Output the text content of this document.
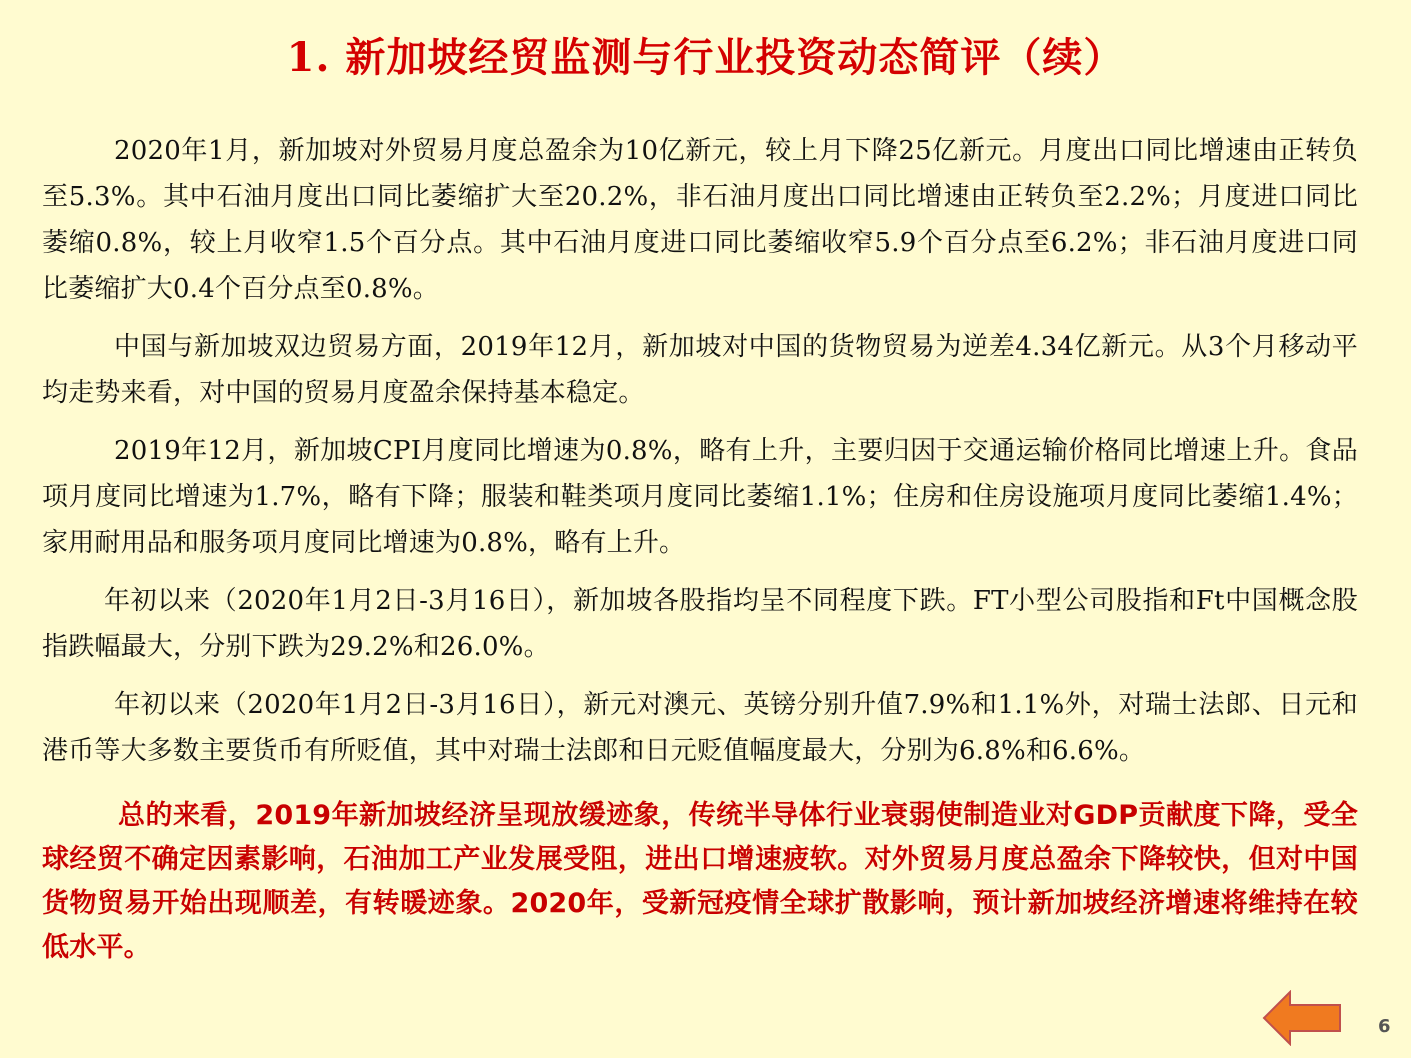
1. 新加坡经贸监测与行业投资动态简评（续）

2020年1月，新加坡对外贸易月度总盈余为10亿新元，较上月下降25亿新元。月度出口同比增速由正转负至5.3%。其中石油月度出口同比萎缩扩大至20.2%，非石油月度出口同比增速由正转负至2.2%；月度进口同比萎缩0.8%，较上月收窄1.5个百分点。其中石油月度进口同比萎缩收窄5.9个百分点至6.2%；非石油月度进口同比萎缩扩大0.4个百分点至0.8%。

中国与新加坡双边贸易方面，2019年12月，新加坡对中国的货物贸易为逆差4.34亿新元。从3个月移动平均走势来看，对中国的贸易月度盈余保持基本稳定。

2019年12月，新加坡CPI月度同比增速为0.8%，略有上升，主要归因于交通运输价格同比增速上升。食品项月度同比增速为1.7%，略有下降；服装和鞋类项月度同比萎缩1.1%；住房和住房设施项月度同比萎缩1.4%；家用耐用品和服务项月度同比增速为0.8%，略有上升。

年初以来（2020年1月2日-3月16日），新加坡各股指均呈不同程度下跌。FT小型公司股指和Ft中国概念股指跌幅最大，分别下跌为29.2%和26.0%。

年初以来（2020年1月2日-3月16日），新元对澳元、英镑分别升值7.9%和1.1%外，对瑞士法郎、日元和港币等大多数主要货币有所贬值，其中对瑞士法郎和日元贬值幅度最大，分别为6.8%和6.6%。

总的来看，2019年新加坡经济呈现放缓迹象，传统半导体行业衰弱使制造业对GDP贡献度下降，受全球经贸不确定因素影响，石油加工产业发展受阻，进出口增速疲软。对外贸易月度总盈余下降较快，但对中国货物贸易开始出现顺差，有转暖迹象。2020年，受新冠疫情全球扩散影响，预计新加坡经济增速将维持在较低水平。

6
